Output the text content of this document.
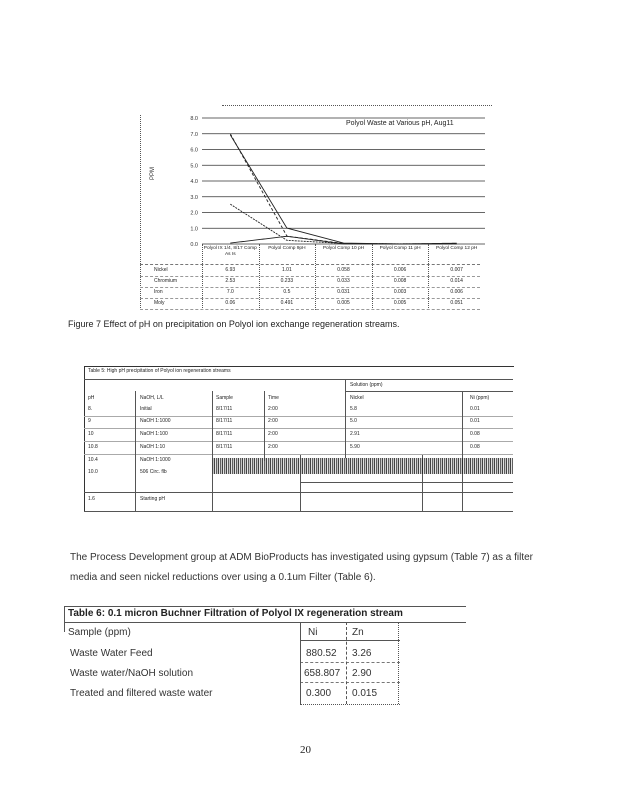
Polyol Waste at Various pH, Aug11
PPM
0.0
1.0
2.0
3.0
4.0
5.0
6.0
7.0
8.0
Polyol IX 1/4, 8/17 Comp As Is
Polyol Comp 9pH	Polyol Comp 10 pH	Polyol Comp 11 pH	Polyol Comp 12 pH
Nickel	6.93	1.01	0.058	0.006	0.007
Chromium	2.53	0.233	0.033	0.008	0.014
Iron	7.0	0.5	0.031	0.003	0.006
Moly	0.06	0.491	0.005	0.005	0.051
Figure 7 Effect of pH on precipitation on Polyol ion exchange regeneration streams.
Table 5: High pH precipitation of Polyol ion regeneration streams
Solution (ppm)
pH	NaOH, L/L	Sample	Time	Nickel	Ni (ppm)
8.	Initial	8/17/11	2:00	5.8	0.01
9	NaOH 1:1000	8/17/11	2:00	5.0	0.01
10	NaOH 1:100	8/17/11	2:00	2.91	0.08
10.8	NaOH 1:10	8/17/11	2:00	5.90	0.08
10.4	NaOH 1:1000
10.0	506 Circ. flb
1.6	Starting pH
The Process Development group at ADM BioProducts has investigated using gypsum (Table 7) as a filter
media and seen nickel reductions over using a 0.1um Filter (Table 6).
Table 6: 0.1 micron Buchner Filtration of Polyol IX regeneration stream
Sample (ppm)	Ni	Zn
Waste Water Feed	880.52 3.26
Waste water/NaOH solution	658.807 2.90
Treated and filtered waste water	0.300 0.015
20
